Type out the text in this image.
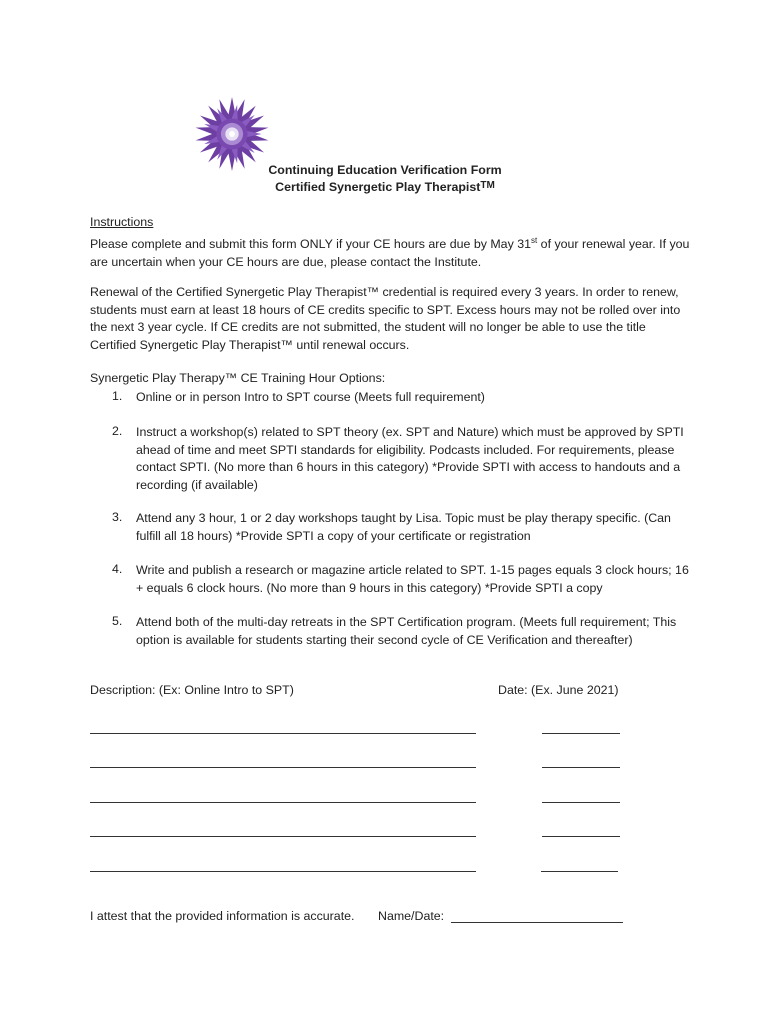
Continuing Education Verification Form
Certified Synergetic Play Therapist™
Instructions
Please complete and submit this form ONLY if your CE hours are due by May 31st of your renewal year. If you are uncertain when your CE hours are due, please contact the Institute.
Renewal of the Certified Synergetic Play Therapist™ credential is required every 3 years. In order to renew, students must earn at least 18 hours of CE credits specific to SPT. Excess hours may not be rolled over into the next 3 year cycle. If CE credits are not submitted, the student will no longer be able to use the title Certified Synergetic Play Therapist™ until renewal occurs.
Synergetic Play Therapy™ CE Training Hour Options:
1. Online or in person Intro to SPT course (Meets full requirement)
2. Instruct a workshop(s) related to SPT theory (ex. SPT and Nature) which must be approved by SPTI ahead of time and meet SPTI standards for eligibility. Podcasts included. For requirements, please contact SPTI. (No more than 6 hours in this category) *Provide SPTI with access to handouts and a recording (if available)
3. Attend any 3 hour, 1 or 2 day workshops taught by Lisa. Topic must be play therapy specific. (Can fulfill all 18 hours) *Provide SPTI a copy of your certificate or registration
4. Write and publish a research or magazine article related to SPT. 1-15 pages equals 3 clock hours; 16 + equals 6 clock hours. (No more than 9 hours in this category) *Provide SPTI a copy
5. Attend both of the multi-day retreats in the SPT Certification program. (Meets full requirement; This option is available for students starting their second cycle of CE Verification and thereafter)
Description: (Ex: Online Intro to SPT)	Date: (Ex. June 2021)
I attest that the provided information is accurate. Name/Date:
